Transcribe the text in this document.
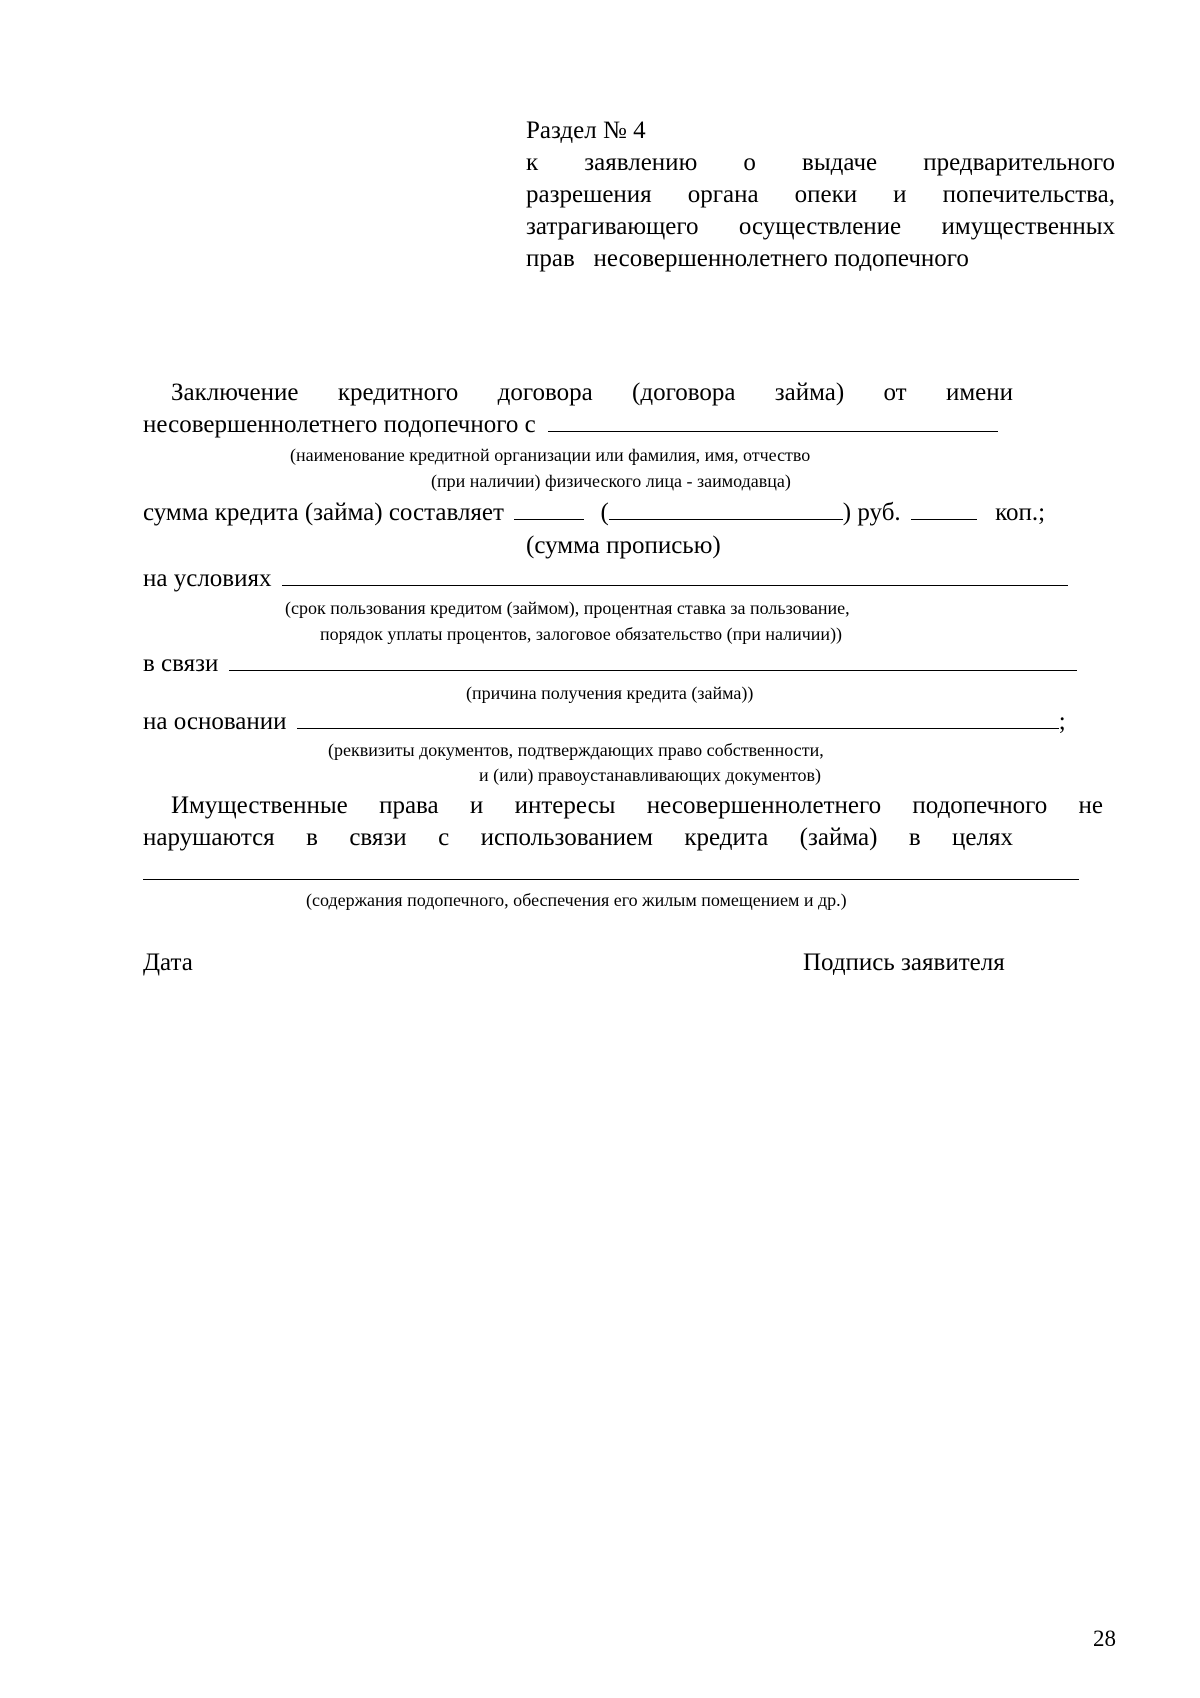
Раздел № 4
к заявлению о выдаче предварительного
разрешения органа опеки и попечительства,
затрагивающего осуществление имущественных
прав   несовершеннолетнего подопечного
Заключение кредитного договора (договора займа) от имени
несовершеннолетнего подопечного с
(наименование кредитной организации или фамилия, имя, отчество
(при наличии) физического лица - заимодавца)
сумма кредита (займа) составляет	(	) руб.	коп.;
(сумма прописью)
на условиях
(срок пользования кредитом (займом), процентная ставка за пользование,
порядок уплаты процентов, залоговое обязательство (при наличии))
в связи
(причина получения кредита (займа))
на основании	;
(реквизиты документов, подтверждающих право собственности,
и (или) правоустанавливающих документов)
Имущественные права и интересы несовершеннолетнего подопечного не
нарушаются в связи с использованием кредита (займа) в целях
(содержания подопечного, обеспечения его жилым помещением и др.)
Дата	Подпись заявителя
28
